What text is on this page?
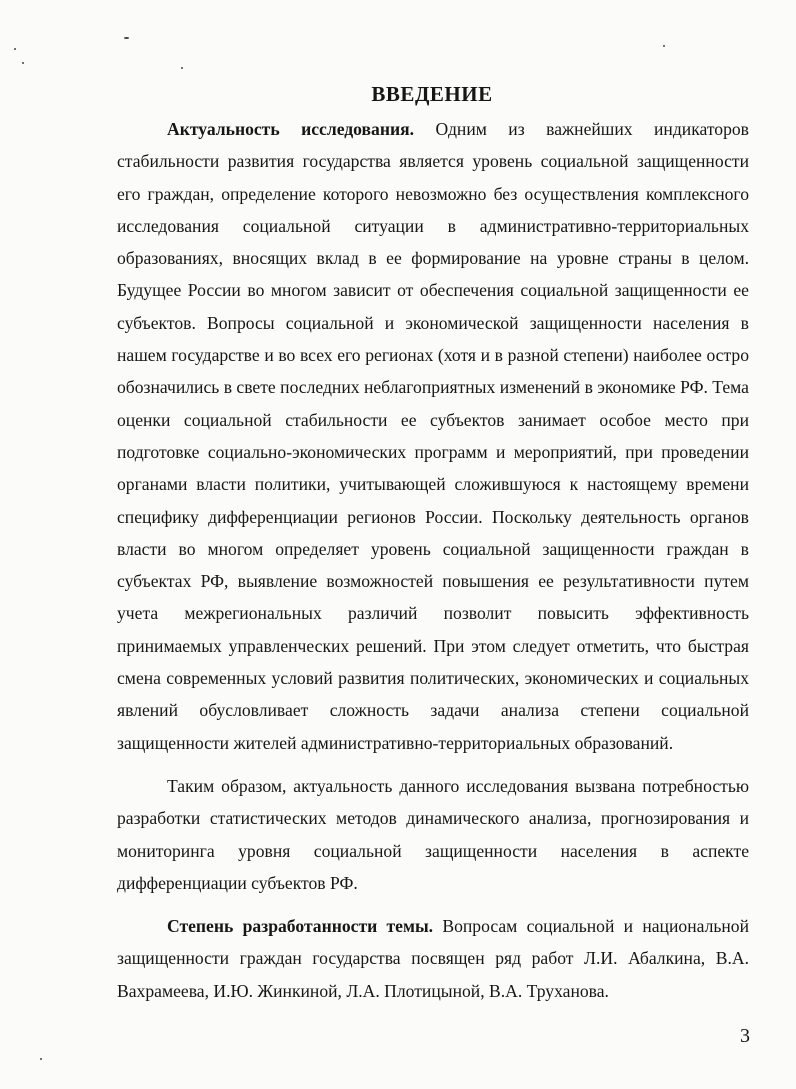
ВВЕДЕНИЕ

Актуальность исследования. Одним из важнейших индикаторов стабильности развития государства является уровень социальной защищенности его граждан, определение которого невозможно без осуществления комплексного исследования социальной ситуации в административно-территориальных образованиях, вносящих вклад в ее формирование на уровне страны в целом. Будущее России во многом зависит от обеспечения социальной защищенности ее субъектов. Вопросы социальной и экономической защищенности населения в нашем государстве и во всех его регионах (хотя и в разной степени) наиболее остро обозначились в свете последних неблагоприятных изменений в экономике РФ. Тема оценки социальной стабильности ее субъектов занимает особое место при подготовке социально-экономических программ и мероприятий, при проведении органами власти политики, учитывающей сложившуюся к настоящему времени специфику дифференциации регионов России. Поскольку деятельность органов власти во многом определяет уровень социальной защищенности граждан в субъектах РФ, выявление возможностей повышения ее результативности путем учета межрегиональных различий позволит повысить эффективность принимаемых управленческих решений. При этом следует отметить, что быстрая смена современных условий развития политических, экономических и социальных явлений обусловливает сложность задачи анализа степени социальной защищенности жителей административно-территориальных образований.

Таким образом, актуальность данного исследования вызвана потребностью разработки статистических методов динамического анализа, прогнозирования и мониторинга уровня социальной защищенности населения в аспекте дифференциации субъектов РФ.

Степень разработанности темы. Вопросам социальной и национальной защищенности граждан государства посвящен ряд работ Л.И. Абалкина, В.А. Вахрамеева, И.Ю. Жинкиной, Л.А. Плотицыной, В.А. Труханова.

3
